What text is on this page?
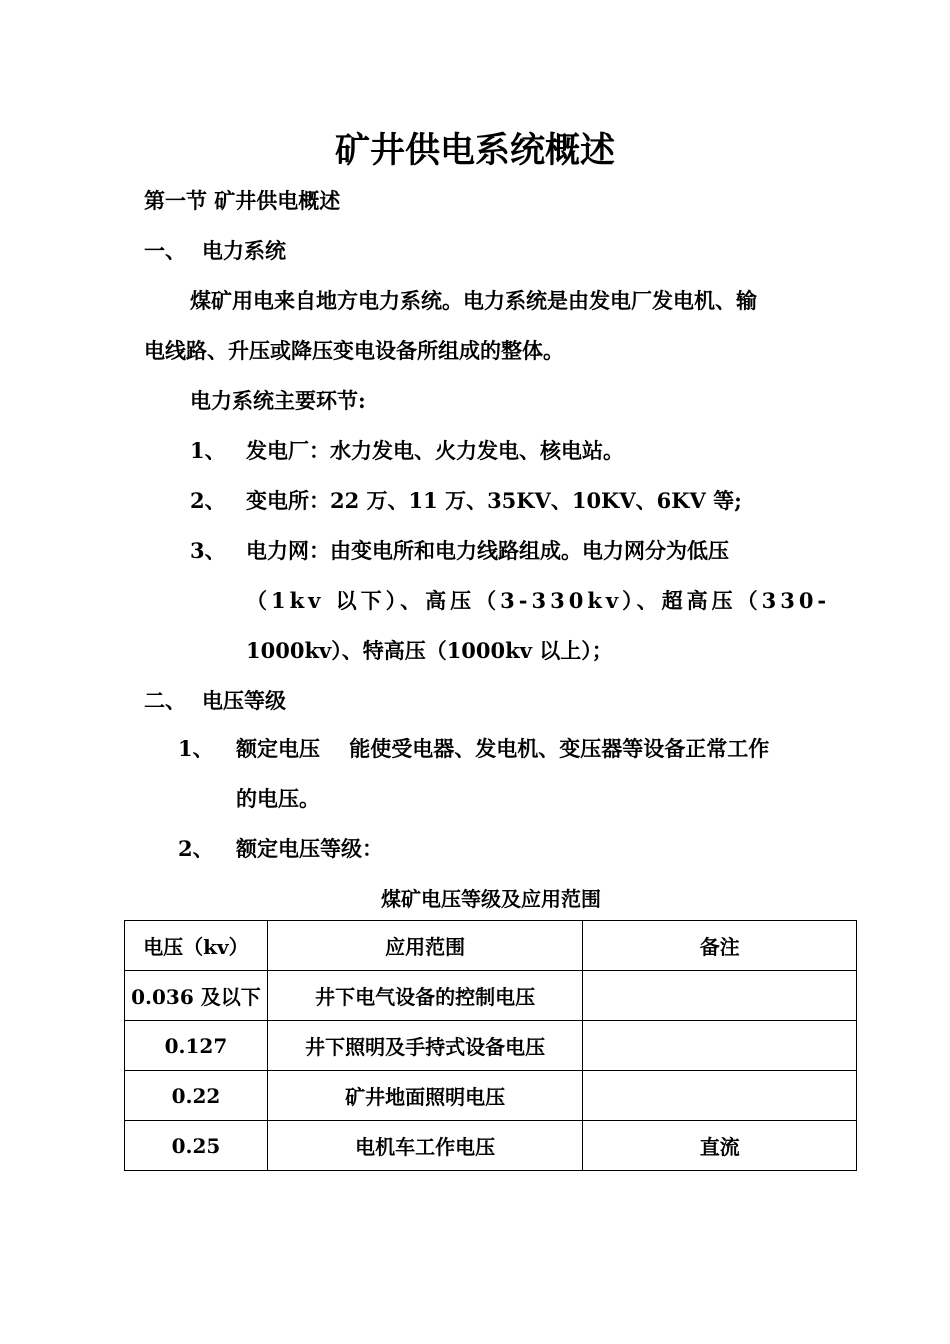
矿井供电系统概述
第一节 矿井供电概述
一、 电力系统
煤矿用电来自地方电力系统。电力系统是由发电厂发电机、输
电线路、升压或降压变电设备所组成的整体。
电力系统主要环节:
1、 发电厂：水力发电、火力发电、核电站。
2、 变电所：22 万、11 万、35KV、10KV、6KV 等;
3、 电力网：由变电所和电力线路组成。电力网分为低压
（1kv 以下）、高压（3-330kv）、超高压（330-
1000kv）、特高压（1000kv 以上）；
二、 电压等级
1、 额定电压    能使受电器、发电机、变压器等设备正常工作
的电压。
2、 额定电压等级：
煤矿电压等级及应用范围
电压（kv）	应用范围	备注
0.036 及以下	井下电气设备的控制电压	
0.127	井下照明及手持式设备电压	
0.22	矿井地面照明电压	
0.25	电机车工作电压	直流
